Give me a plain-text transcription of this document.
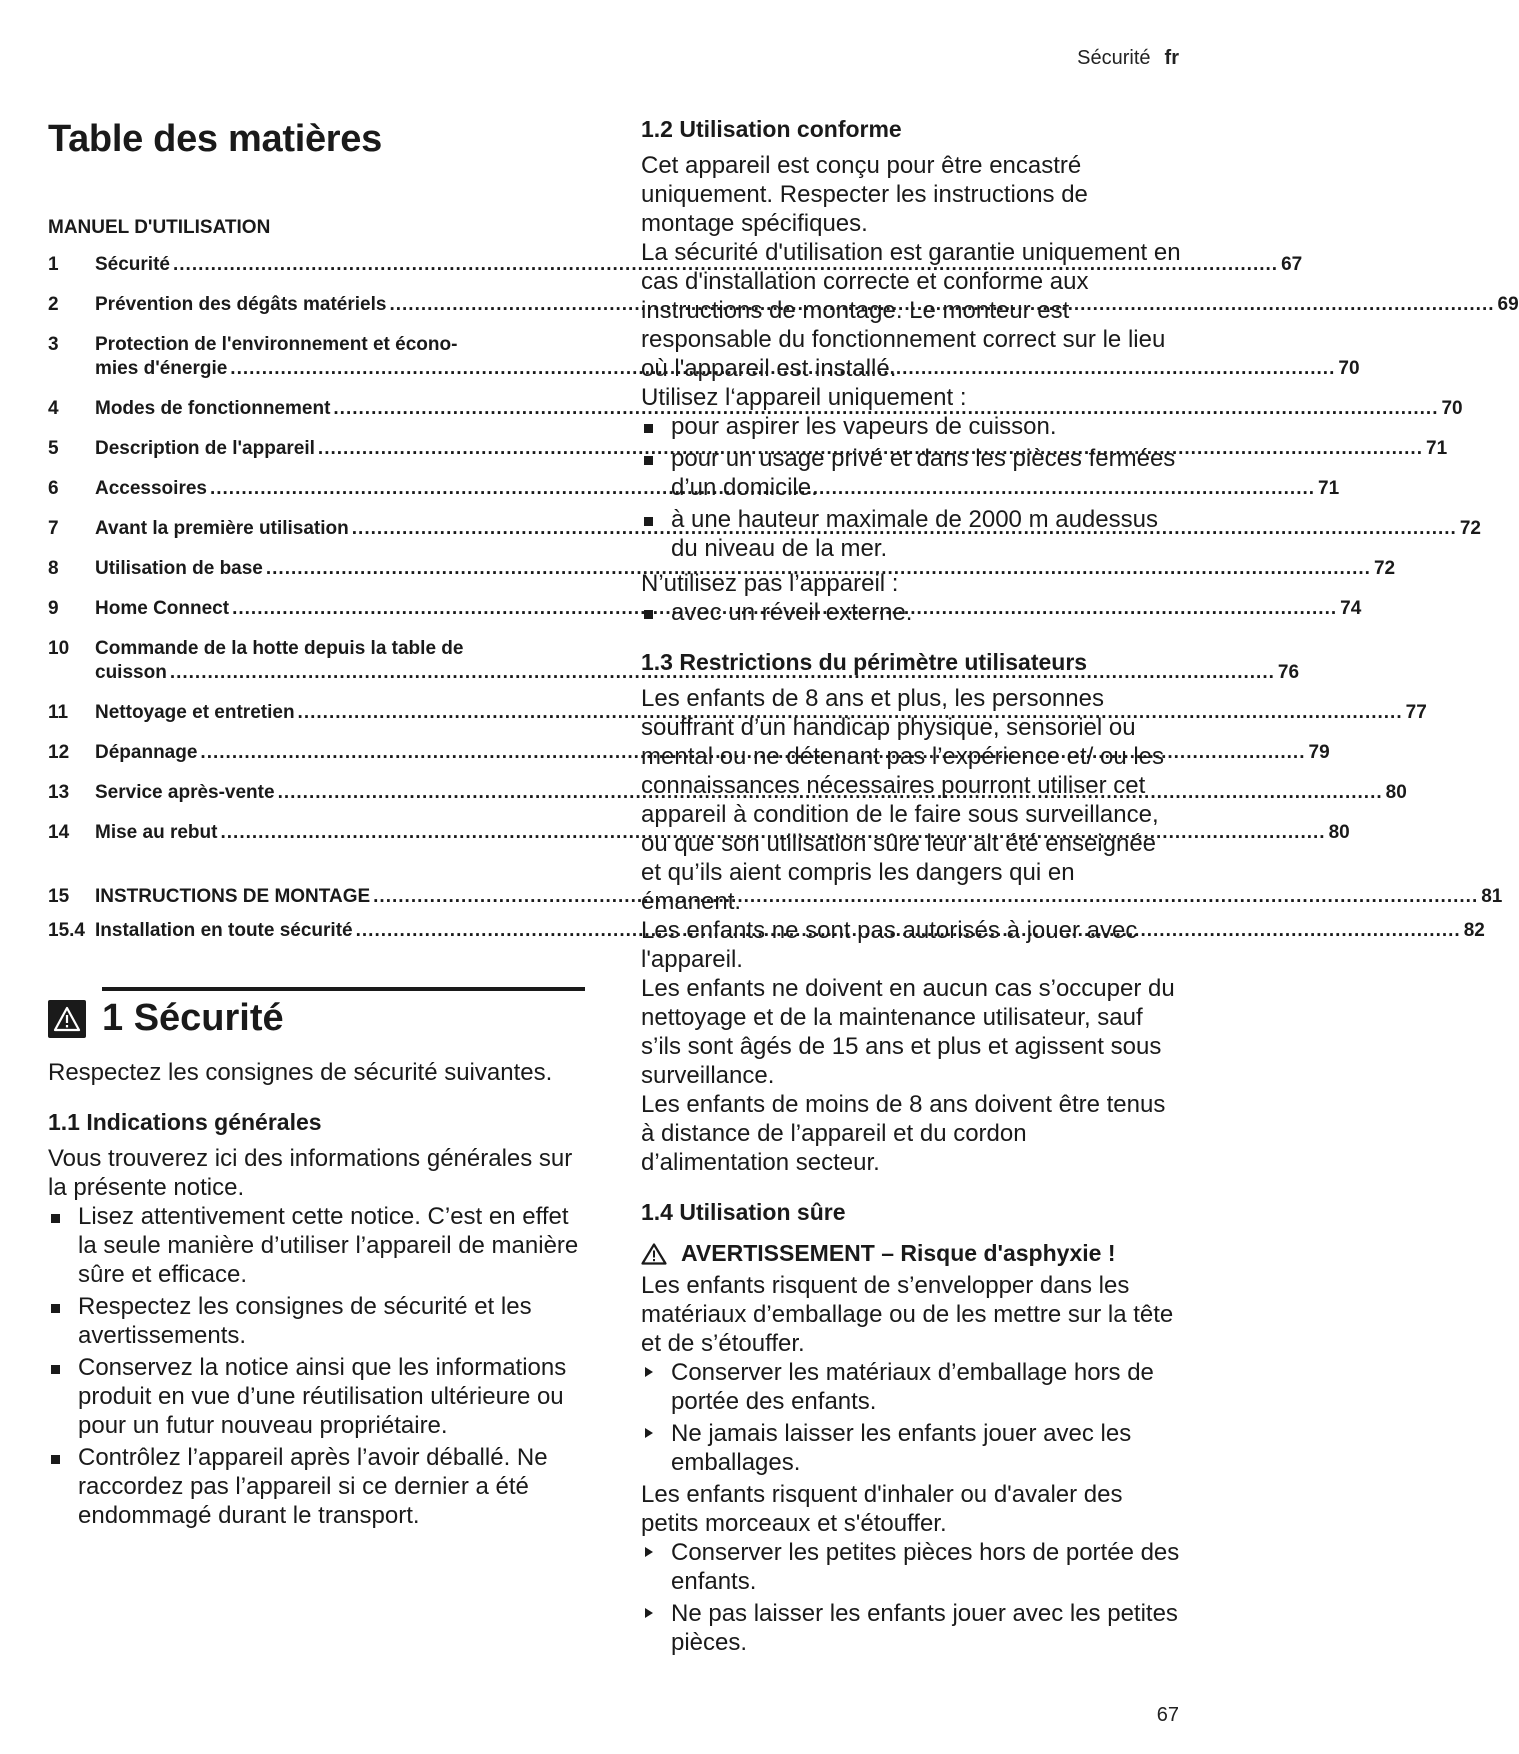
Sécurité fr
Table des matières
MANUEL D'UTILISATION
1	Sécurité .....	67
2	Prévention des dégâts matériels .....	69
3	Protection de l'environnement et écono-
mies d'énergie .....	70
4	Modes de fonctionnement .....	70
5	Description de l'appareil .....	71
6	Accessoires .....	71
7	Avant la première utilisation .....	72
8	Utilisation de base .....	72
9	Home Connect .....	74
10	Commande de la hotte depuis la table de
cuisson .....	76
11	Nettoyage et entretien .....	77
12	Dépannage .....	79
13	Service après-vente .....	80
14	Mise au rebut .....	80
15	INSTRUCTIONS DE MONTAGE .....	81
15.4 Installation en toute sécurité .....	82
1 Sécurité

Respectez les consignes de sécurité suivantes.

1.1 Indications générales

Vous trouverez ici des informations générales sur la présente notice.

Lisez attentivement cette notice. C’est en effet la seule manière d’utiliser l’appareil de manière sûre et efficace.
Respectez les consignes de sécurité et les avertissements.
Conservez la notice ainsi que les informations produit en vue d’une réutilisation ultérieure ou pour un futur nouveau propriétaire.
Contrôlez l’appareil après l’avoir déballé. Ne raccordez pas l’appareil si ce dernier a été endommagé durant le transport.
1.2 Utilisation conforme

Cet appareil est conçu pour être encastré uniquement. Respecter les instructions de montage spécifiques.

La sécurité d'utilisation est garantie uniquement en cas d'installation correcte et conforme aux instructions de montage. Le monteur est responsable du fonctionnement correct sur le lieu où l'appareil est installé.

Utilisez l‘appareil uniquement :

pour aspirer les vapeurs de cuisson.
pour un usage privé et dans les pièces fermées d’un domicile.
à une hauteur maximale de 2000 m audessus du niveau de la mer.

N’utilisez pas l’appareil :

avec un réveil externe.
1.3 Restrictions du périmètre utilisateurs

Les enfants de 8 ans et plus, les personnes souffrant d’un handicap physique, sensoriel ou mental ou ne détenant pas l’expérience et/ ou les connaissances nécessaires pourront utiliser cet appareil à condition de le faire sous surveillance, ou que son utilisation sûre leur ait été enseignée et qu’ils aient compris les dangers qui en émanent.

Les enfants ne sont pas autorisés à jouer avec l'appareil.

Les enfants ne doivent en aucun cas s’occuper du nettoyage et de la maintenance utilisateur, sauf s’ils sont âgés de 15 ans et plus et agissent sous surveillance.

Les enfants de moins de 8 ans doivent être tenus à distance de l’appareil et du cordon d’alimentation secteur.

1.4 Utilisation sûre
AVERTISSEMENT – Risque d'asphyxie !

Les enfants risquent de s’envelopper dans les matériaux d’emballage ou de les mettre sur la tête et de s’étouffer.

Conserver les matériaux d’emballage hors de portée des enfants.
Ne jamais laisser les enfants jouer avec les emballages.

Les enfants risquent d'inhaler ou d'avaler des petits morceaux et s'étouffer.

Conserver les petites pièces hors de portée des enfants.
Ne pas laisser les enfants jouer avec les petites pièces.
67
